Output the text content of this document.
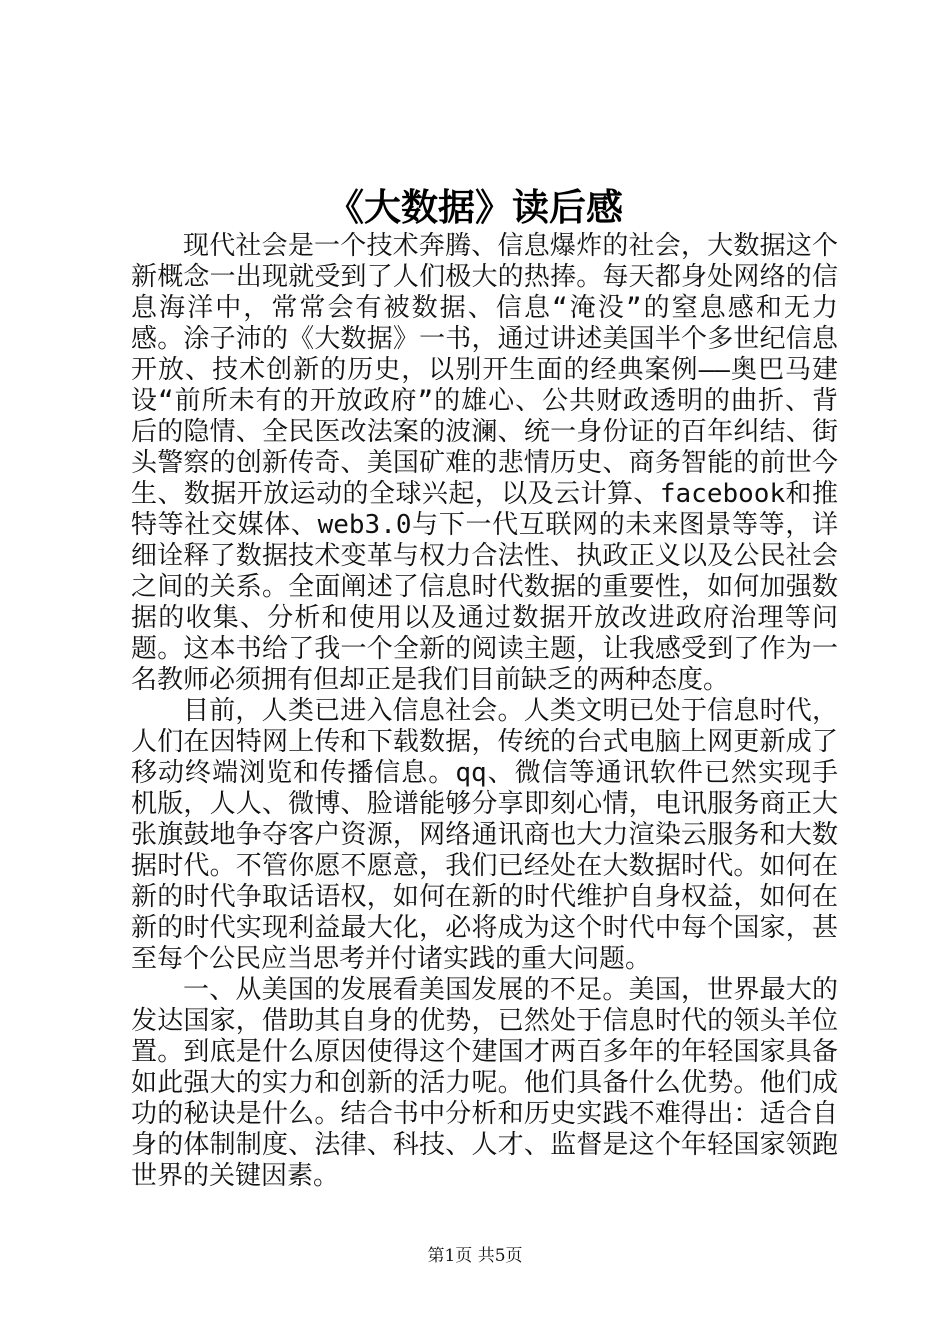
《大数据》读后感

现代社会是一个技术奔腾、信息爆炸的社会，大数据这个新概念一出现就受到了人们极大的热捧。每天都身处网络的信息海洋中，常常会有被数据、信息“淹没”的窒息感和无力感。涂子沛的《大数据》一书，通过讲述美国半个多世纪信息开放、技术创新的历史，以别开生面的经典案例——奥巴马建设“前所未有的开放政府”的雄心、公共财政透明的曲折、背后的隐情、全民医改法案的波澜、统一身份证的百年纠结、街头警察的创新传奇、美国矿难的悲情历史、商务智能的前世今生、数据开放运动的全球兴起，以及云计算、facebook和推特等社交媒体、web3.0与下一代互联网的未来图景等等，详细诠释了数据技术变革与权力合法性、执政正义以及公民社会之间的关系。全面阐述了信息时代数据的重要性，如何加强数据的收集、分析和使用以及通过数据开放改进政府治理等问题。这本书给了我一个全新的阅读主题，让我感受到了作为一名教师必须拥有但却正是我们目前缺乏的两种态度。

目前，人类已进入信息社会。人类文明已处于信息时代，人们在因特网上传和下载数据，传统的台式电脑上网更新成了移动终端浏览和传播信息。qq、微信等通讯软件已然实现手机版，人人、微博、脸谱能够分享即刻心情，电讯服务商正大张旗鼓地争夺客户资源，网络通讯商也大力渲染云服务和大数据时代。不管你愿不愿意，我们已经处在大数据时代。如何在新的时代争取话语权，如何在新的时代维护自身权益，如何在新的时代实现利益最大化，必将成为这个时代中每个国家，甚至每个公民应当思考并付诸实践的重大问题。

一、从美国的发展看美国发展的不足。美国，世界最大的发达国家，借助其自身的优势，已然处于信息时代的领头羊位置。到底是什么原因使得这个建国才两百多年的年轻国家具备如此强大的实力和创新的活力呢。他们具备什么优势。他们成功的秘诀是什么。结合书中分析和历史实践不难得出：适合自身的体制制度、法律、科技、人才、监督是这个年轻国家领跑世界的关键因素。

第1页 共5页
